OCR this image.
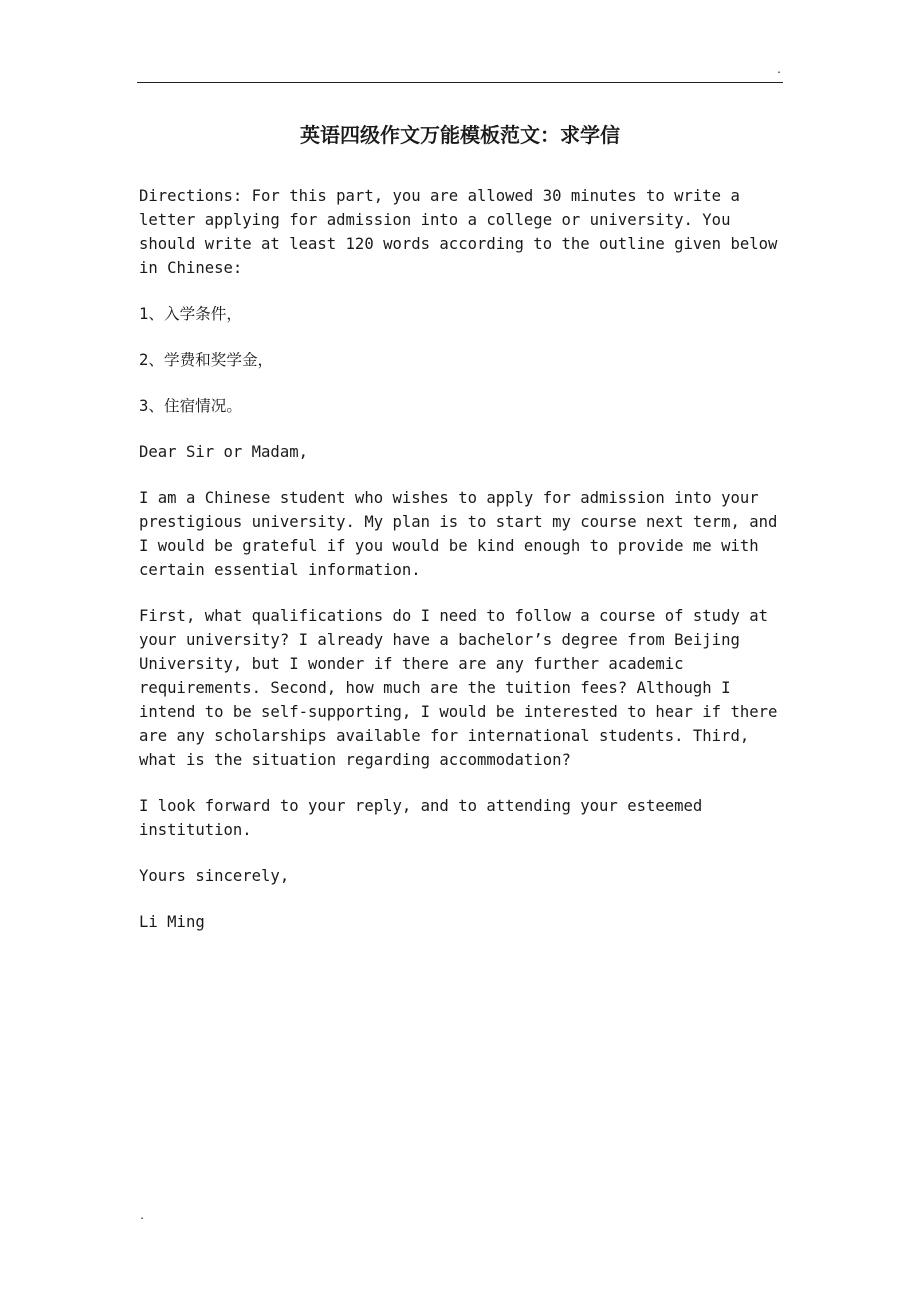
.
英语四级作文万能模板范文：求学信

Directions: For this part, you are allowed 30 minutes to write a
letter applying for admission into a college or university. You
should write at least 120 words according to the outline given below
in Chinese:

1、入学条件，

2、学费和奖学金，

3、住宿情况。

Dear Sir or Madam,

I am a Chinese student who wishes to apply for admission into your
prestigious university. My plan is to start my course next term, and
I would be grateful if you would be kind enough to provide me with
certain essential information.

First, what qualifications do I need to follow a course of study at
your university? I already have a bachelor’s degree from Beijing
University, but I wonder if there are any further academic
requirements. Second, how much are the tuition fees? Although I
intend to be self-supporting, I would be interested to hear if there
are any scholarships available for international students. Third,
what is the situation regarding accommodation?

I look forward to your reply, and to attending your esteemed
institution.

Yours sincerely,

Li Ming

.
